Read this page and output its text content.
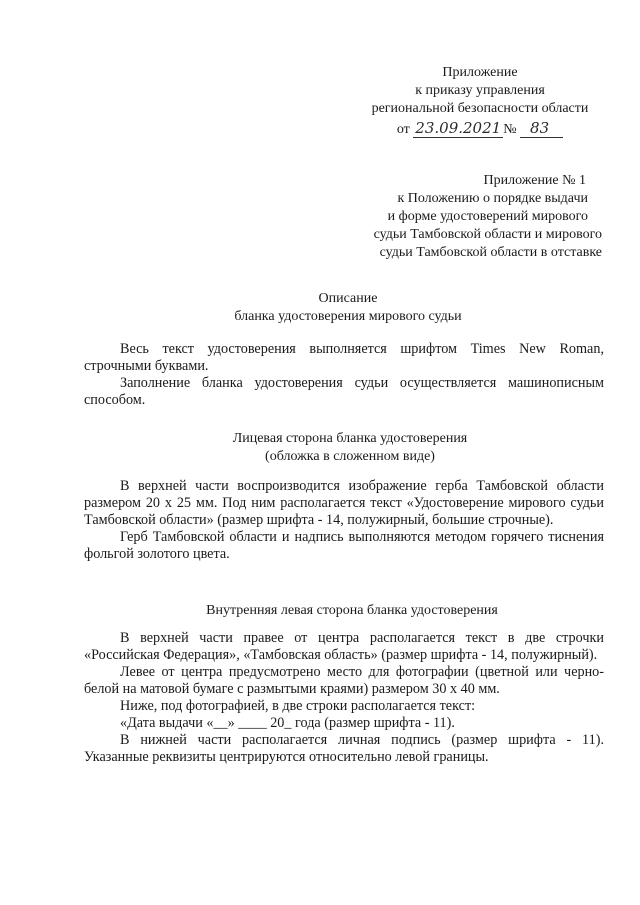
Приложение
к приказу управления
региональной безопасности области
от 23.09.2021 № 83
Приложение № 1
к Положению о порядке выдачи
и форме удостоверений мирового
судьи Тамбовской области и мирового
судьи Тамбовской области в отставке
Описание
бланка удостоверения мирового судьи

Весь текст удостоверения выполняется шрифтом Times New Roman, строчными буквами.

Заполнение бланка удостоверения судьи осуществляется машинописным способом.

Лицевая сторона бланка удостоверения
(обложка в сложенном виде)

В верхней части воспроизводится изображение герба Тамбовской области размером 20 х 25 мм. Под ним располагается текст «Удостоверение мирового судьи Тамбовской области» (размер шрифта - 14, полужирный, большие строчные).

Герб Тамбовской области и надпись выполняются методом горячего тиснения фольгой золотого цвета.

Внутренняя левая сторона бланка удостоверения

В верхней части правее от центра располагается текст в две строчки «Российская Федерация», «Тамбовская область» (размер шрифта - 14, полужирный).

Левее от центра предусмотрено место для фотографии (цветной или черно-белой на матовой бумаге с размытыми краями) размером 30 х 40 мм.

Ниже, под фотографией, в две строки располагается текст:

«Дата выдачи «__» ____ 20_ года (размер шрифта - 11).

В нижней части располагается личная подпись (размер шрифта - 11). Указанные реквизиты центрируются относительно левой границы.
